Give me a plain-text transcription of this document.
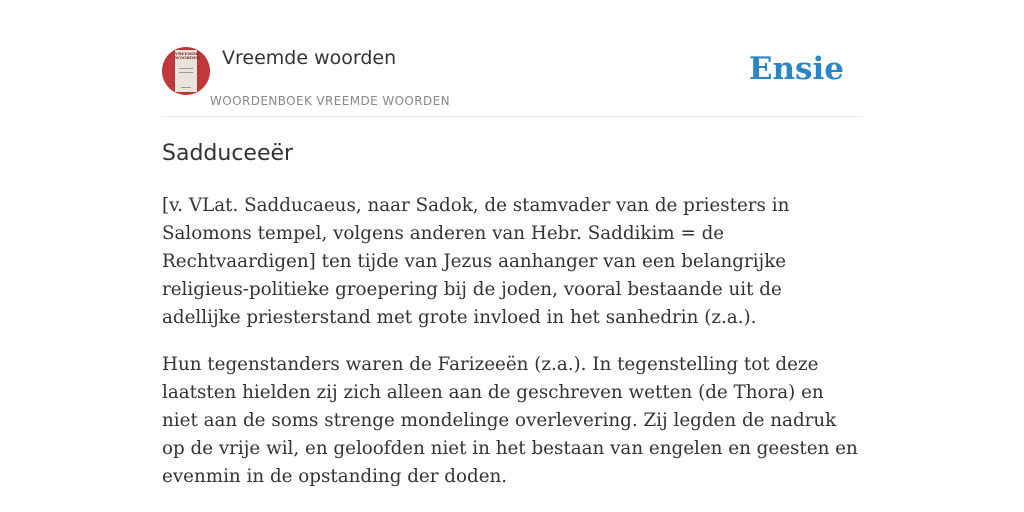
VREEMDE WOORDEN Vreemde woorden
WOORDENBOEK VREEMDE WOORDEN
Ensie
Sadduceeër

[v. VLat. Sadducaeus, naar Sadok, de stamvader van de priesters in Salomons tempel, volgens anderen van Hebr. Saddikim = de Rechtvaardigen] ten tijde van Jezus aanhanger van een belangrijke religieus-politieke groepering bij de joden, vooral bestaande uit de adellijke priesterstand met grote invloed in het sanhedrin (z.a.).

Hun tegenstanders waren de Farizeeën (z.a.). In tegenstelling tot deze laatsten hielden zij zich alleen aan de geschreven wetten (de Thora) en niet aan de soms strenge mondelinge overlevering. Zij legden de nadruk op de vrije wil, en geloofden niet in het bestaan van engelen en geesten en evenmin in de opstanding der doden.
